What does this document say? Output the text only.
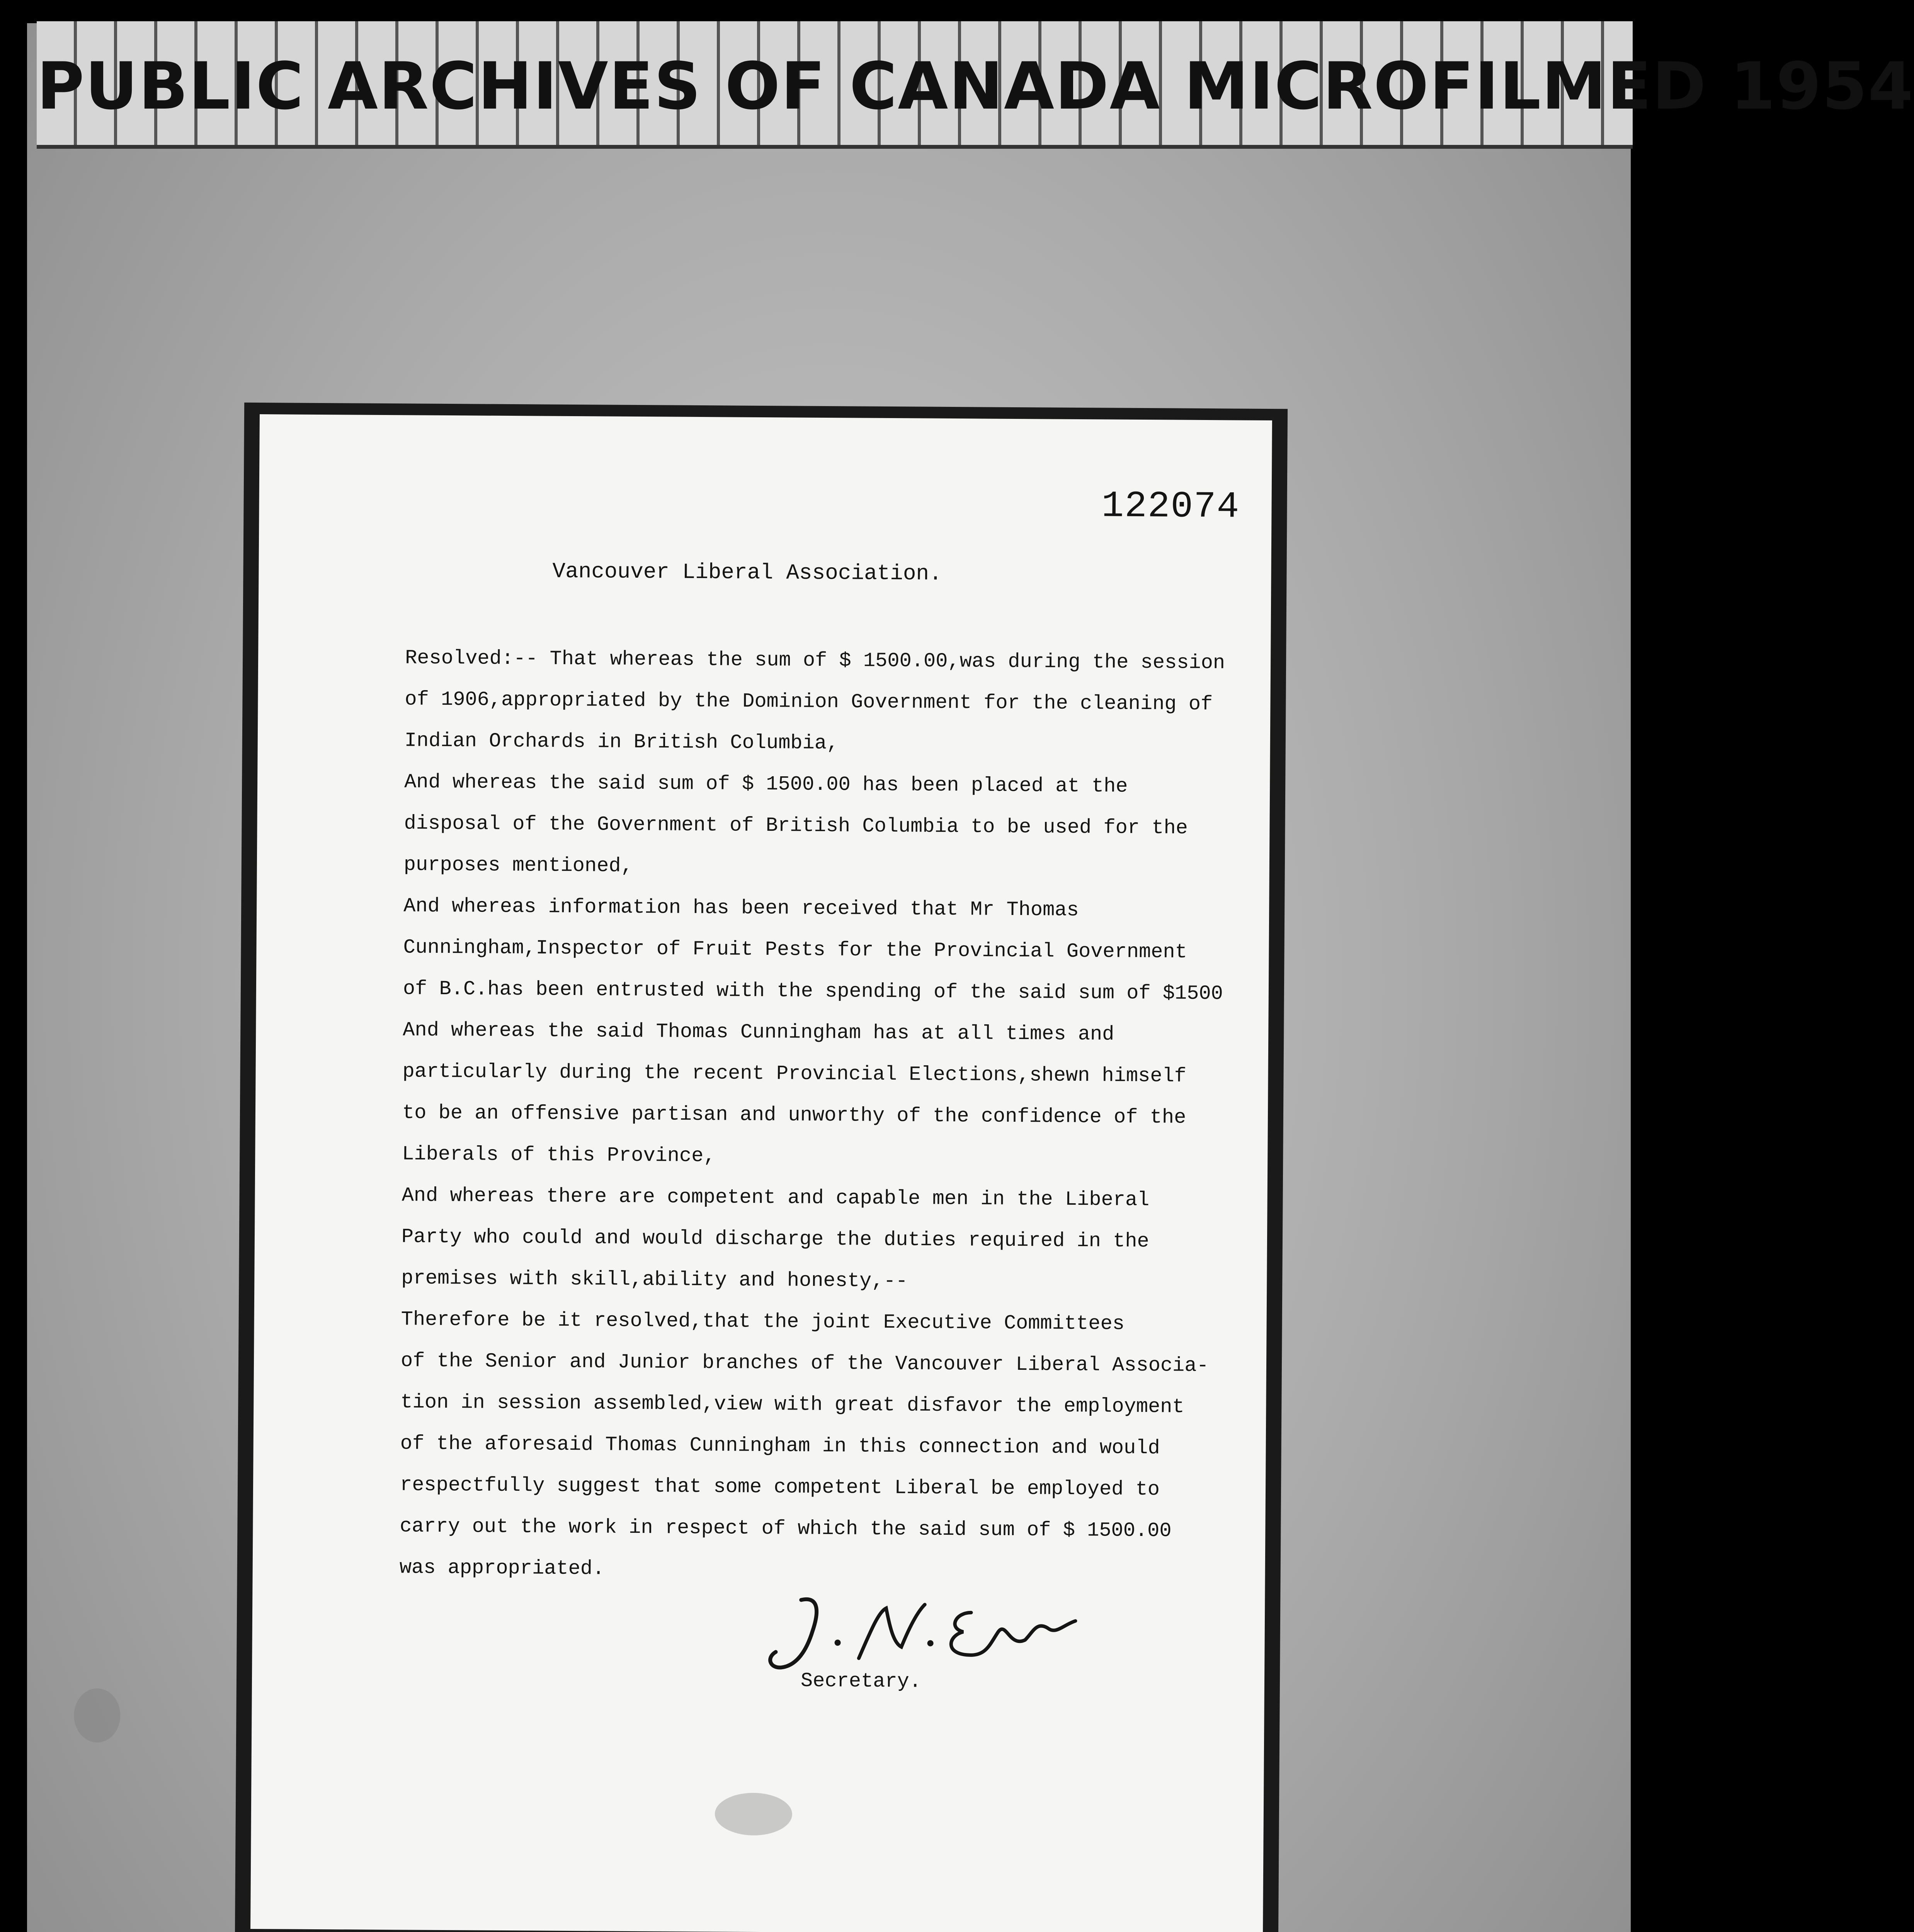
PUBLIC ARCHIVES OF CANADA MICROFILMED 1954
122074
Vancouver Liberal Association.
Resolved:-- That whereas the sum of $ 1500.00,was during the session
of 1906,appropriated by the Dominion Government for the cleaning of
Indian Orchards in British Columbia,
And whereas the said sum of $ 1500.00 has been placed at the
disposal of the Government of British Columbia to be used for the
purposes mentioned,
And whereas information has been received that Mr Thomas
Cunningham,Inspector of Fruit Pests for the Provincial Government
of B.C.has been entrusted with the spending of the said sum of $1500
And whereas the said Thomas Cunningham has at all times and
particularly during the recent Provincial Elections,shewn himself
to be an offensive partisan and unworthy of the confidence of the
Liberals of this Province,
And whereas there are competent and capable men in the Liberal
Party who could and would discharge the duties required in the
premises with skill,ability and honesty,--
Therefore be it resolved,that the joint Executive Committees
of the Senior and Junior branches of the Vancouver Liberal Associa-
tion in session assembled,view with great disfavor the employment
of the aforesaid Thomas Cunningham in this connection and would
respectfully suggest that some competent Liberal be employed to
carry out the work in respect of which the said sum of $ 1500.00
was appropriated.
Secretary.
